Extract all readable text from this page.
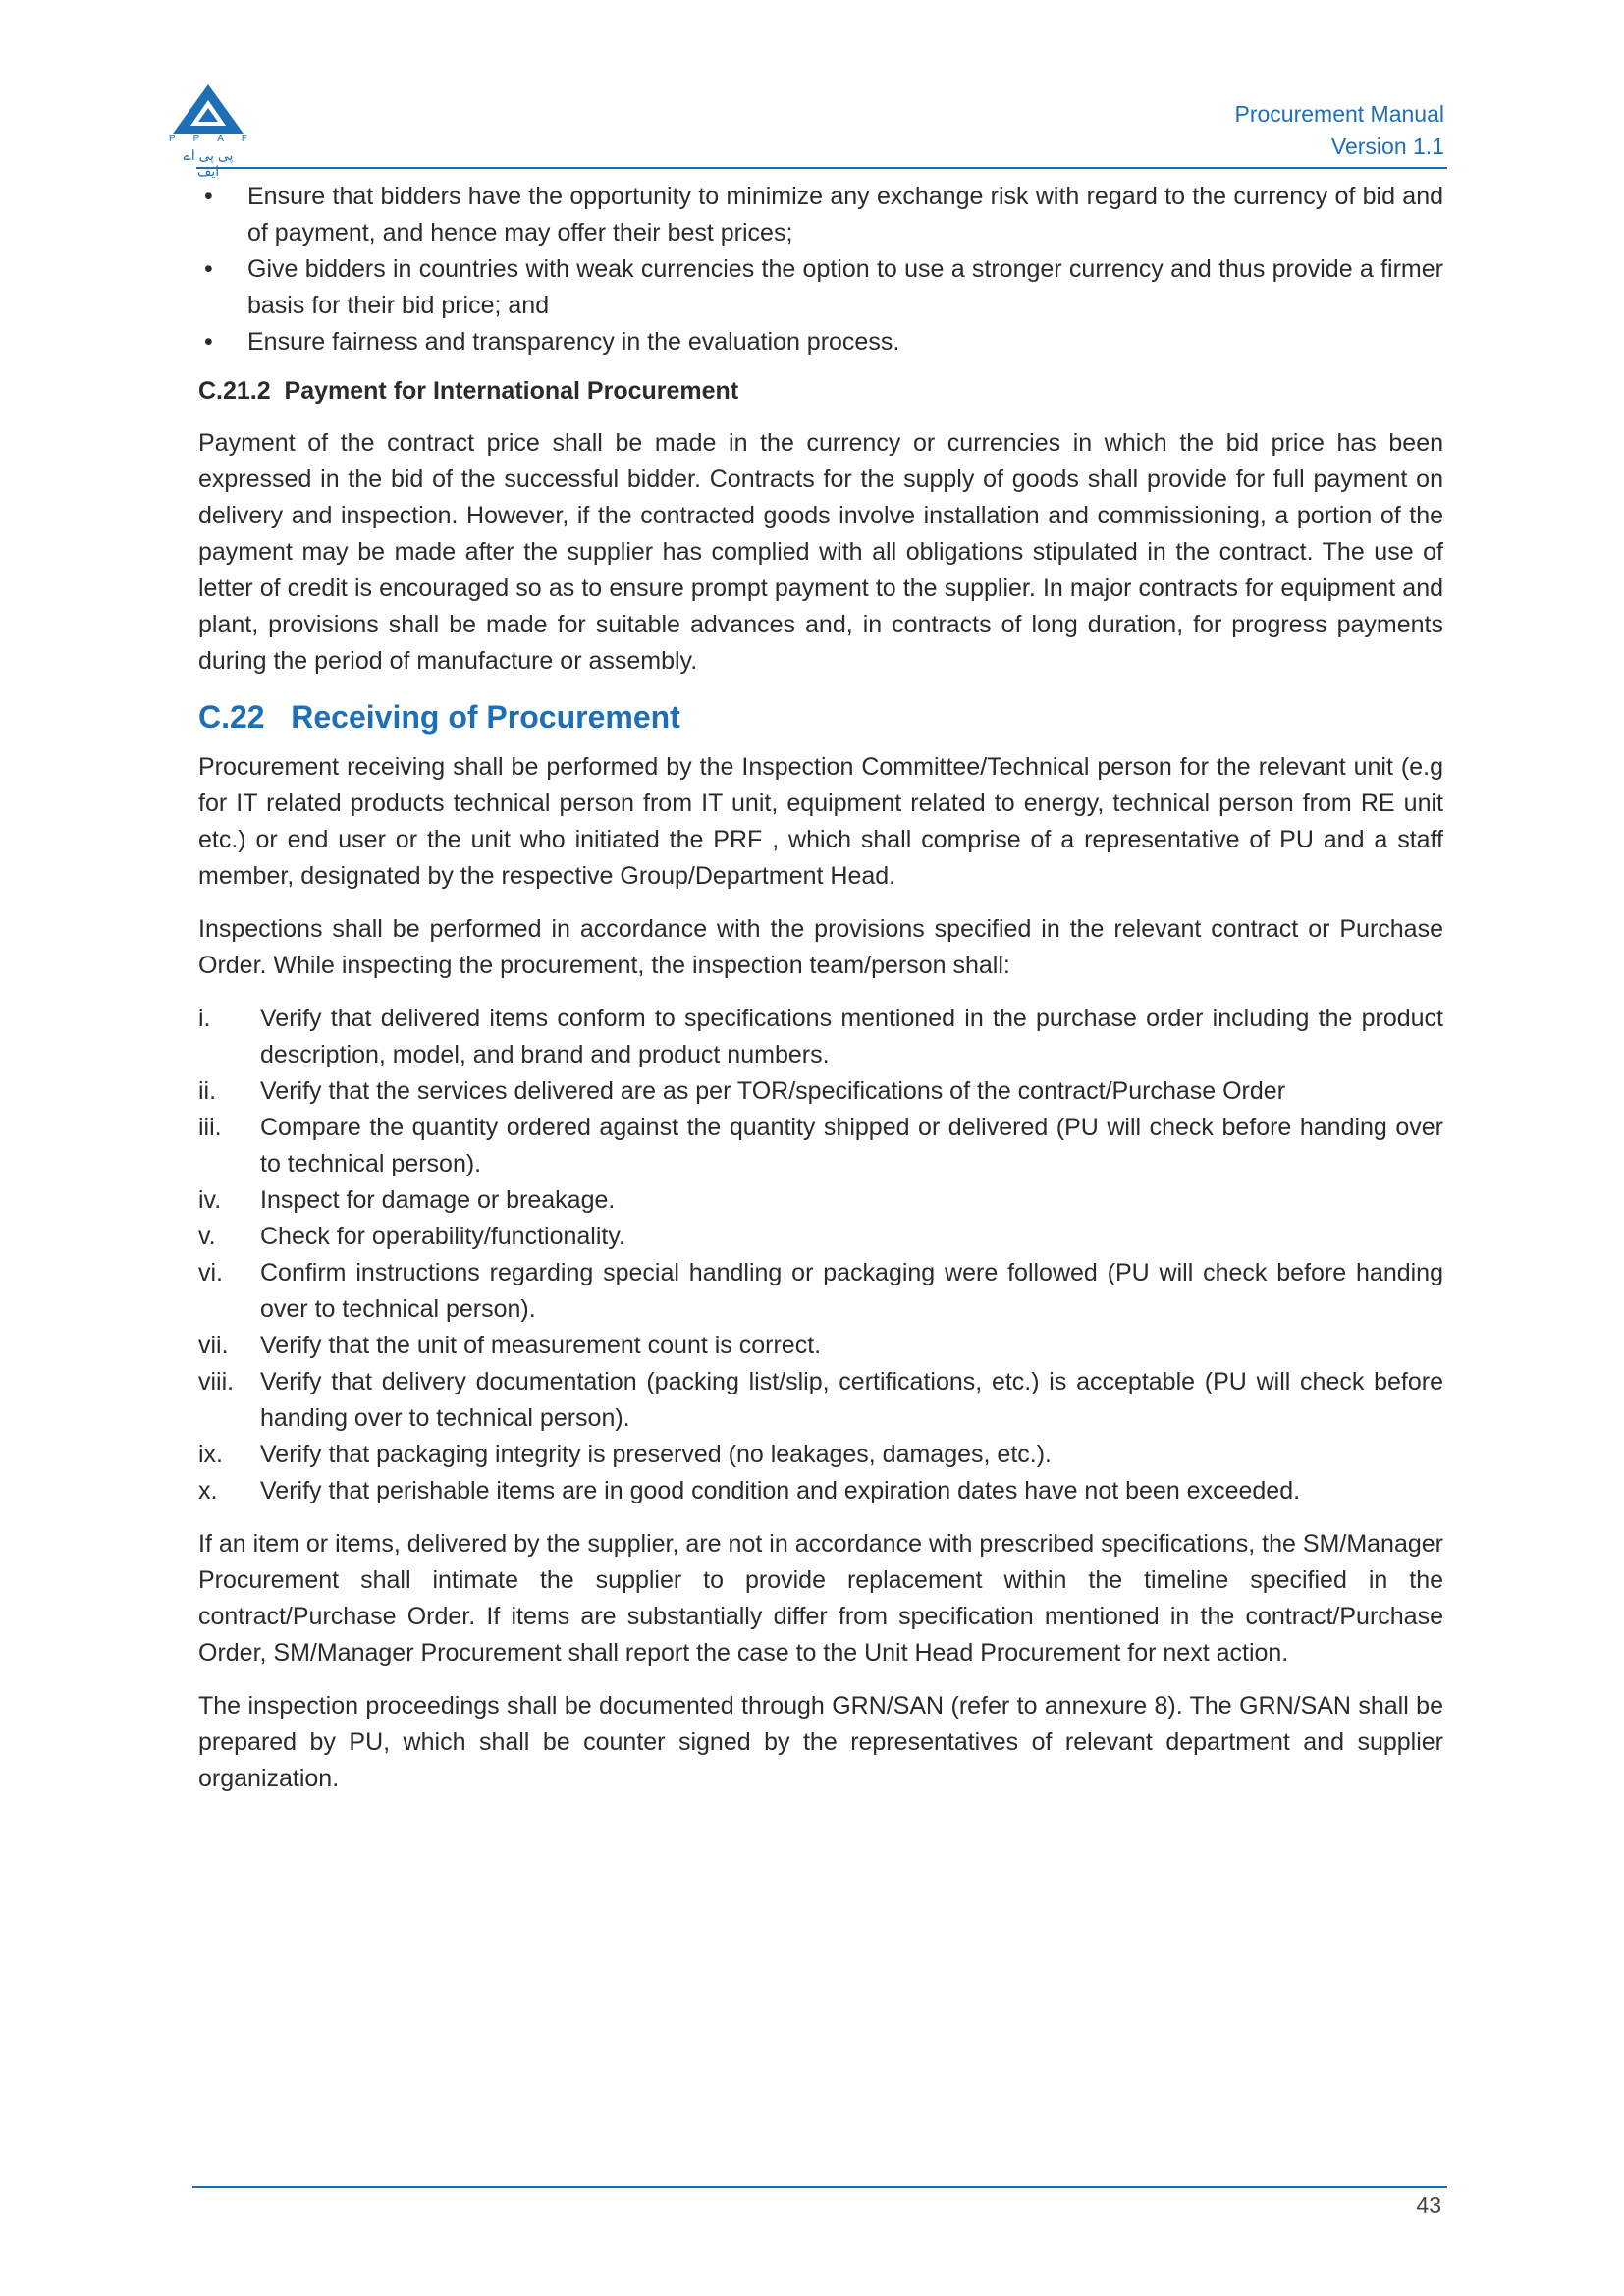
P P A F
پی پی اے ایف
Procurement Manual
Version 1.1
• Ensure that bidders have the opportunity to minimize any exchange risk with regard to the currency of bid and of payment, and hence may offer their best prices;
• Give bidders in countries with weak currencies the option to use a stronger currency and thus provide a firmer basis for their bid price; and
• Ensure fairness and transparency in the evaluation process.
C.21.2  Payment for International Procurement

Payment of the contract price shall be made in the currency or currencies in which the bid price has been expressed in the bid of the successful bidder. Contracts for the supply of goods shall provide for full payment on delivery and inspection. However, if the contracted goods involve installation and commissioning, a portion of the payment may be made after the supplier has complied with all obligations stipulated in the contract. The use of letter of credit is encouraged so as to ensure prompt payment to the supplier. In major contracts for equipment and plant, provisions shall be made for suitable advances and, in contracts of long duration, for progress payments during the period of manufacture or assembly.

C.22   Receiving of Procurement

Procurement receiving shall be performed by the Inspection Committee/Technical person for the relevant unit (e.g for IT related products technical person from IT unit, equipment related to energy, technical person from RE unit etc.) or end user or the unit who initiated the PRF , which shall comprise of a representative of PU and a staff member, designated by the respective Group/Department Head.

Inspections shall be performed in accordance with the provisions specified in the relevant contract or Purchase Order. While inspecting the procurement, the inspection team/person shall:

i. Verify that delivered items conform to specifications mentioned in the purchase order including the product description, model, and brand and product numbers.
ii. Verify that the services delivered are as per TOR/specifications of the contract/Purchase Order
iii. Compare the quantity ordered against the quantity shipped or delivered (PU will check before handing over to technical person).
iv. Inspect for damage or breakage.
v. Check for operability/functionality.
vi. Confirm instructions regarding special handling or packaging were followed (PU will check before handing over to technical person).
vii. Verify that the unit of measurement count is correct.
viii. Verify that delivery documentation (packing list/slip, certifications, etc.) is acceptable (PU will check before handing over to technical person).
ix. Verify that packaging integrity is preserved (no leakages, damages, etc.).
x. Verify that perishable items are in good condition and expiration dates have not been exceeded.

If an item or items, delivered by the supplier, are not in accordance with prescribed specifications, the SM/Manager Procurement shall intimate the supplier to provide replacement within the timeline specified in the contract/Purchase Order. If items are substantially differ from specification mentioned in the contract/Purchase Order, SM/Manager Procurement shall report the case to the Unit Head Procurement for next action.

The inspection proceedings shall be documented through GRN/SAN (refer to annexure 8). The GRN/SAN shall be prepared by PU, which shall be counter signed by the representatives of relevant department and supplier organization.

43
